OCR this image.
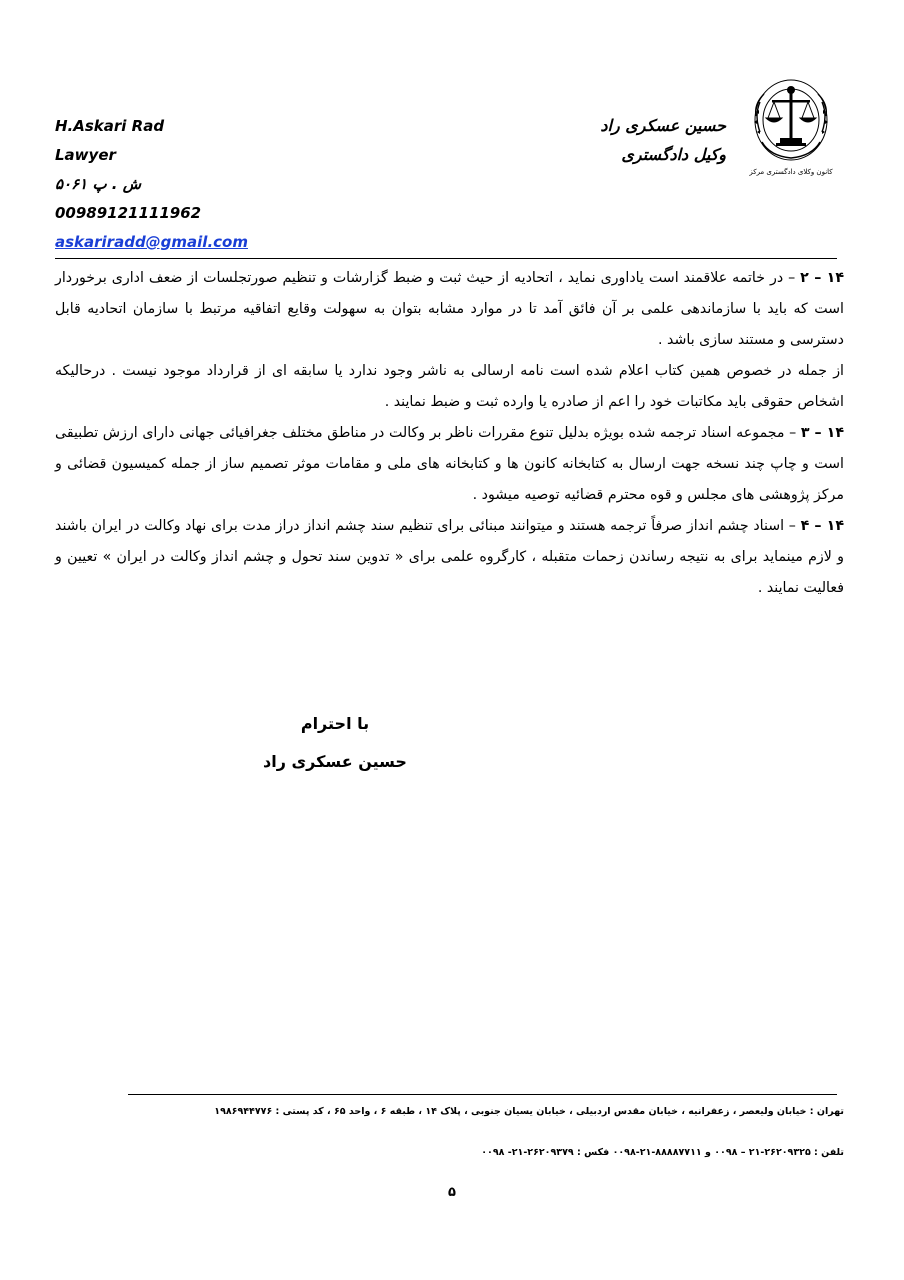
کانون وکلای دادگستری مرکز
حسین عسکری راد
وکیل دادگستری
H.Askari Rad
Lawyer
ش . پ ۵۰۶۱
00989121111962
askariradd@gmail.com

۱۴ – ۲ – در خاتمه علاقمند است یاداوری نماید ، اتحادیه از حیث ثبت و ضبط گزارشات و تنظیم صورتجلسات از ضعف اداری برخوردار است که باید با سازماندهی علمی بر آن فائق آمد تا در موارد مشابه بتوان به سهولت وقایع اتفاقیه مرتبط با سازمان اتحادیه قابل دسترسی و مستند سازی باشد .

از جمله در خصوص همین کتاب اعلام شده است نامه ارسالی به ناشر وجود ندارد یا سابقه ای از قرارداد موجود نیست . درحالیکه اشخاص حقوقی باید مکاتبات خود را اعم از صادره یا وارده ثبت و ضبط نمایند .

۱۴ – ۳ – مجموعه اسناد ترجمه شده بویژه بدلیل تنوع مقررات ناظر بر وکالت در مناطق مختلف جغرافیائی جهانی دارای ارزش تطبیقی است و چاپ چند نسخه جهت ارسال به کتابخانه کانون ها و کتابخانه های ملی و مقامات موثر تصمیم ساز از جمله کمیسیون قضائی و مرکز پژوهشی های مجلس و قوه محترم قضائیه توصیه میشود .

۱۴ – ۴ – اسناد چشم انداز صرفاً ترجمه هستند و میتوانند مبنائی برای تنظیم سند چشم انداز دراز مدت برای نهاد وکالت در ایران باشند و لازم مینماید برای به نتیجه رساندن زحمات متقبله ، کارگروه علمی برای « تدوین سند تحول و چشم انداز وکالت در ایران » تعیین و فعالیت نمایند .

با احترام
حسین عسکری راد
تهران : خیابان ولیعصر ، زعفرانیه ، خیابان مقدس اردبیلی ، خیابان یسیان جنوبی ، پلاک ۱۴ ، طبقه ۶ ، واحد ۶۵ ، کد پستی : ۱۹۸۶۹۴۴۷۷۶
تلفن : ۲۶۲۰۹۳۲۵-۲۱ – ۰۰۹۸ و ۸۸۸۸۷۷۱۱-۲۱-۰۰۹۸ فکس : ۲۶۲۰۹۳۷۹-۲۱- ۰۰۹۸
۵
